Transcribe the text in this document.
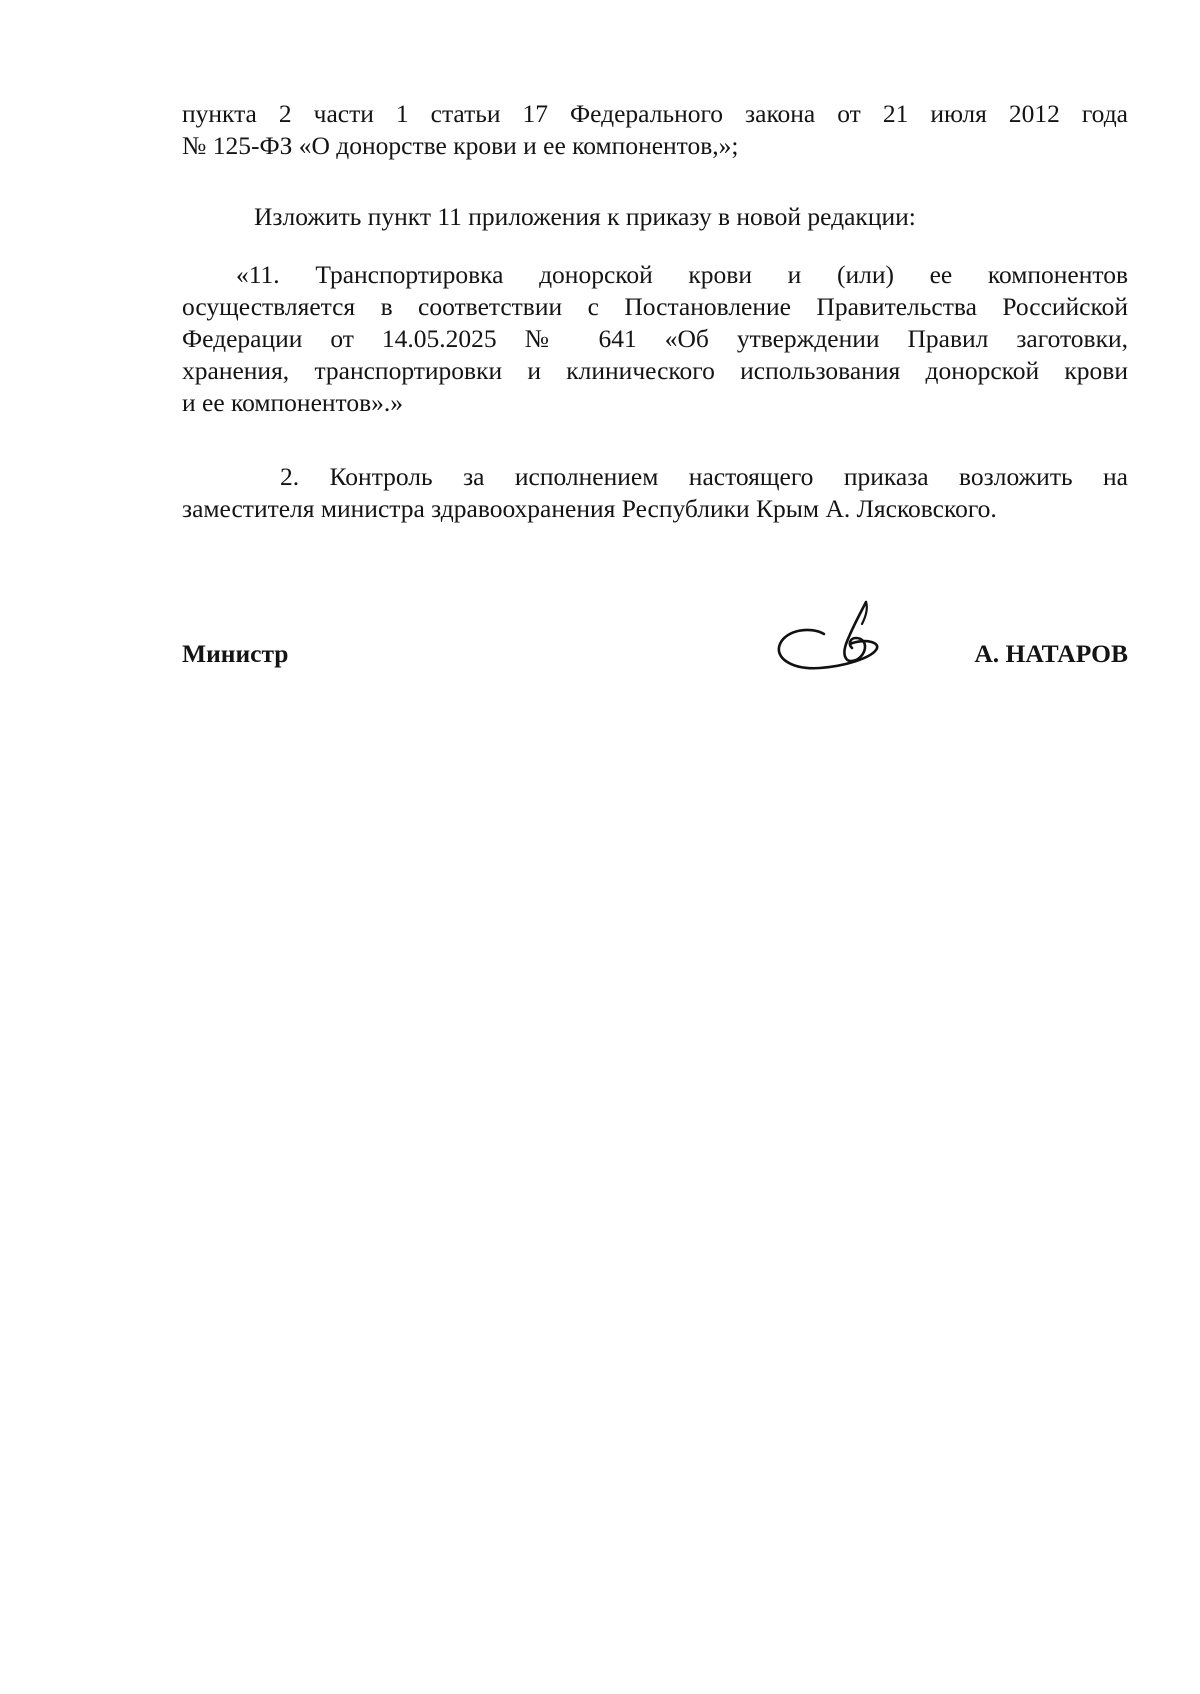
пункта 2 части 1 статьи 17 Федерального закона от 21 июля 2012 года
№ 125-ФЗ «О донорстве крови и ее компонентов,»;

Изложить пункт 11 приложения к приказу в новой редакции:

«11. Транспортировка донорской крови и (или) ее компонентов
осуществляется в соответствии с Постановление Правительства Российской
Федерации от 14.05.2025 № 641 «Об утверждении Правил заготовки,
хранения, транспортировки и клинического использования донорской крови
и ее компонентов».»
2. Контроль за исполнением настоящего приказа возложить на
заместителя министра здравоохранения Республики Крым А. Лясковского.
Министр	А. НАТАРОВ
